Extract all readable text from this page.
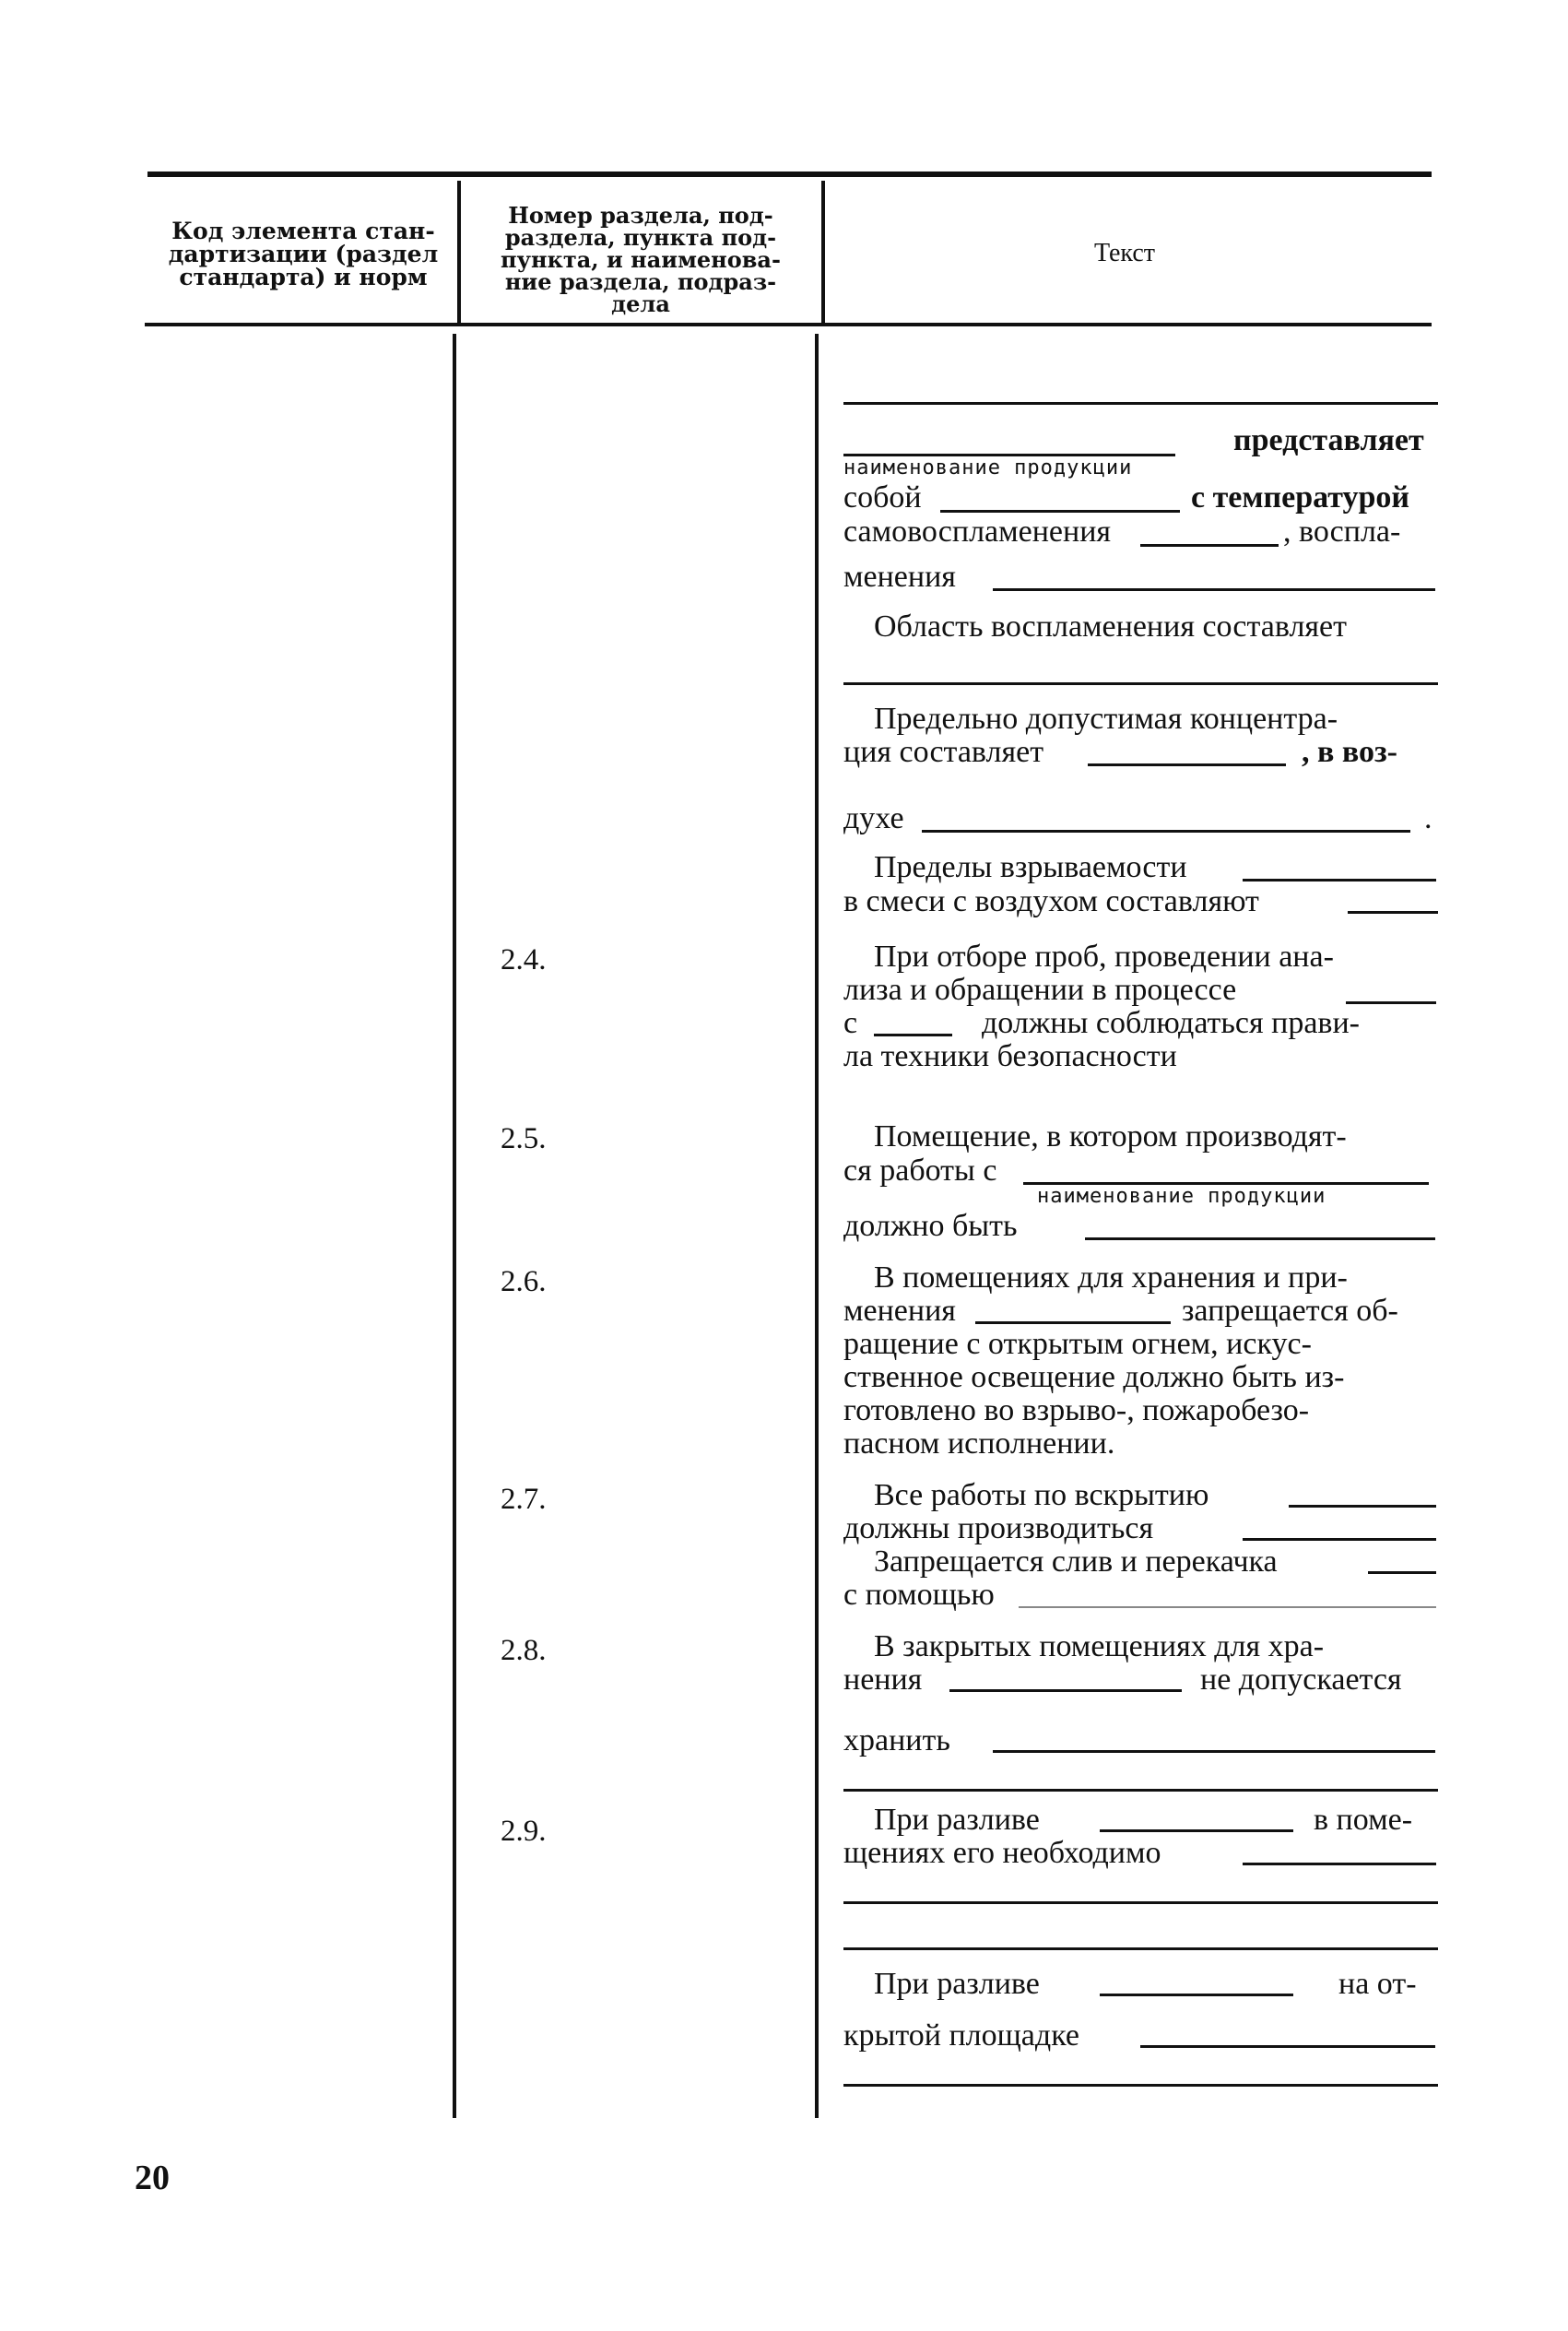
Код элемента стан-
дартизации (раздел
стандарта) и норм
Номер раздела, под-
раздела, пункта под-
пункта, и наименова-
ние раздела, подраз-
дела
Текст
представляет
наименование продукции
собой	с температурой
самовоспламенения	, воспла-
менения
Область воспламенения составляет
Предельно допустимая концентра-
ция составляет	, в воз-
духе	.
Пределы взрываемости
в смеси с воздухом составляют
2.4.	При отборе проб, проведении ана-
лиза и обращении в процессе
с	должны соблюдаться прави-
ла техники безопасности
2.5.	Помещение, в котором производят-
ся работы с
наименование продукции
должно быть
2.6.	В помещениях для хранения и при-
менения	запрещается об-
ращение с открытым огнем, искус-
ственное освещение должно быть из-
готовлено во взрыво-, пожаробезо-
пасном исполнении.
2.7.	Все работы по вскрытию
должны производиться
Запрещается слив и перекачка
с помощью
2.8.	В закрытых помещениях для хра-
нения	не допускается
хранить
2.9.	При разливе	в поме-
щениях его необходимо
При разливе	на от-
крытой площадке
20
